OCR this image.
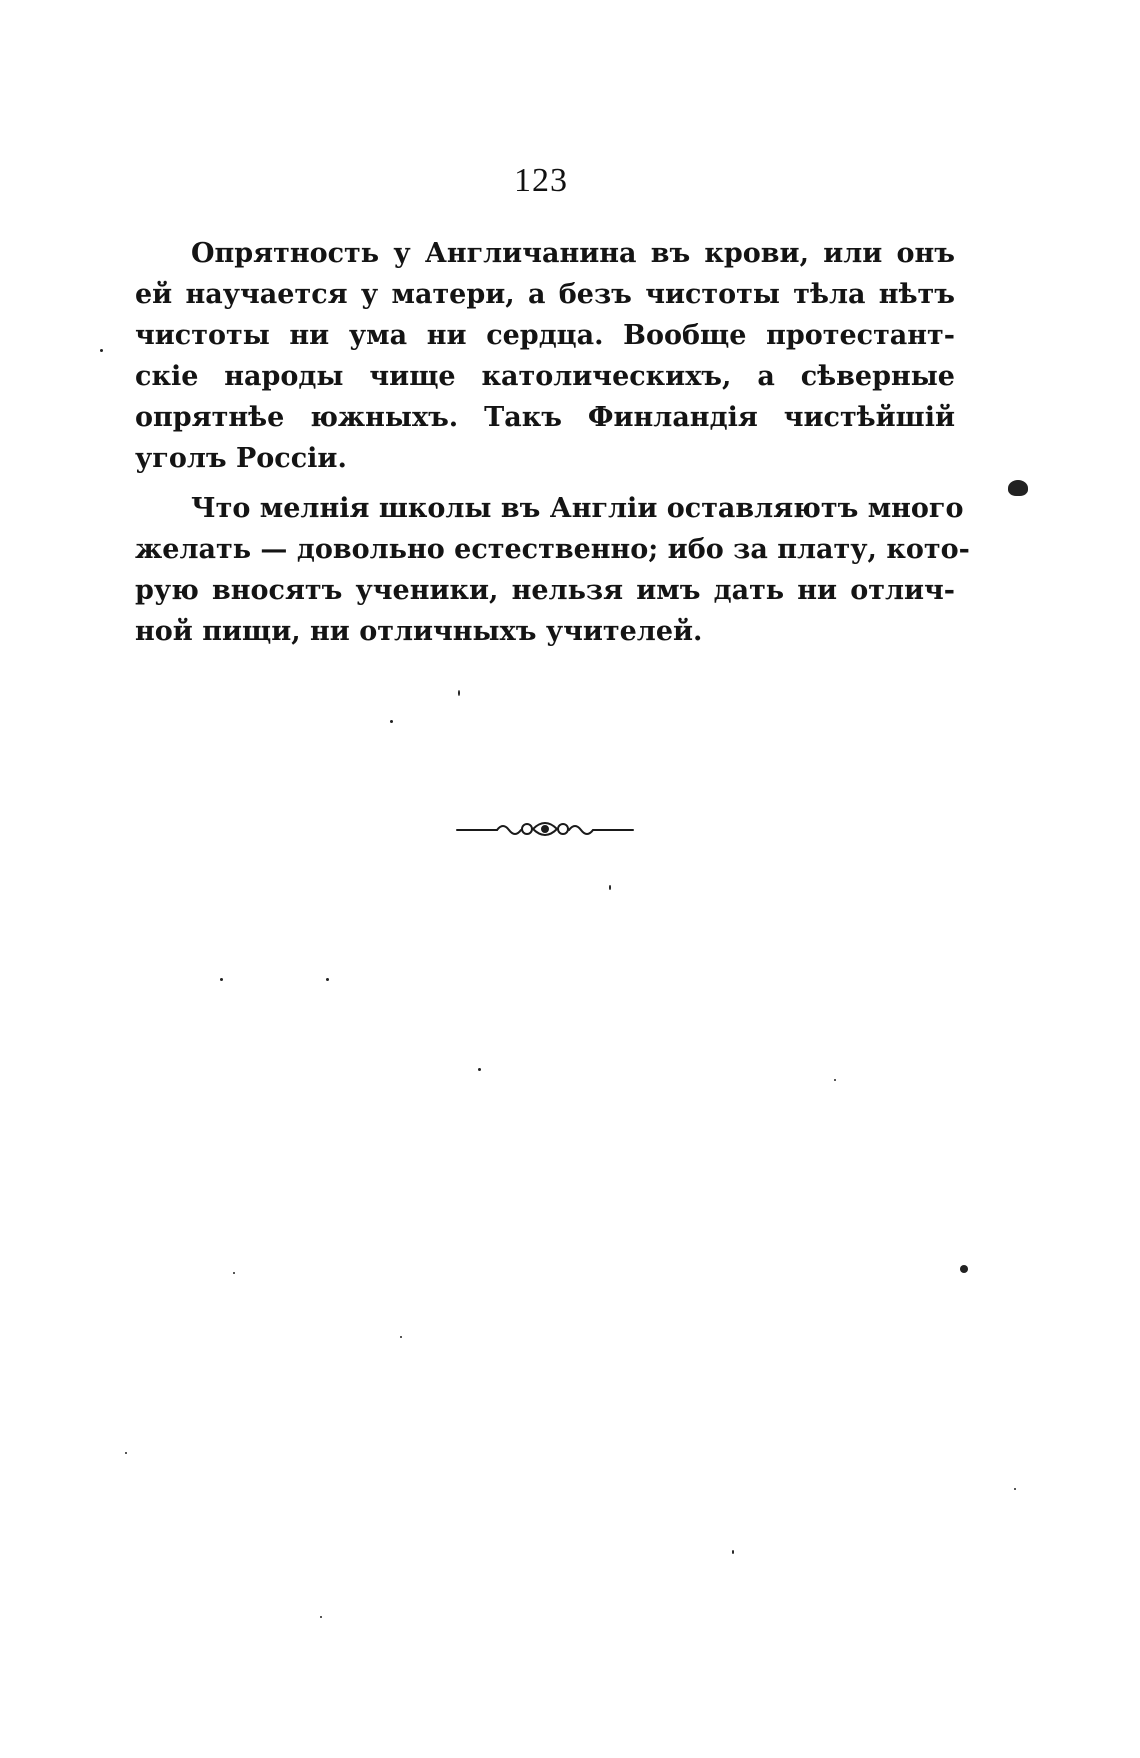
123
Опрятность у Англичанина въ крови, или онъ
ей научается у матери, а безъ чистоты тѣла нѣтъ
чистоты ни ума ни сердца. Вообще протестант-
скіе народы чище католическихъ, а сѣверные
опрятнѣе южныхъ. Такъ Финландія чистѣйшій
уголъ Россіи.
Что мелнія школы въ Англіи оставляютъ много
желать — довольно естественно; ибо за плату, кото-
рую вносятъ ученики, нельзя имъ дать ни отлич-
ной пищи, ни отличныхъ учителей.
